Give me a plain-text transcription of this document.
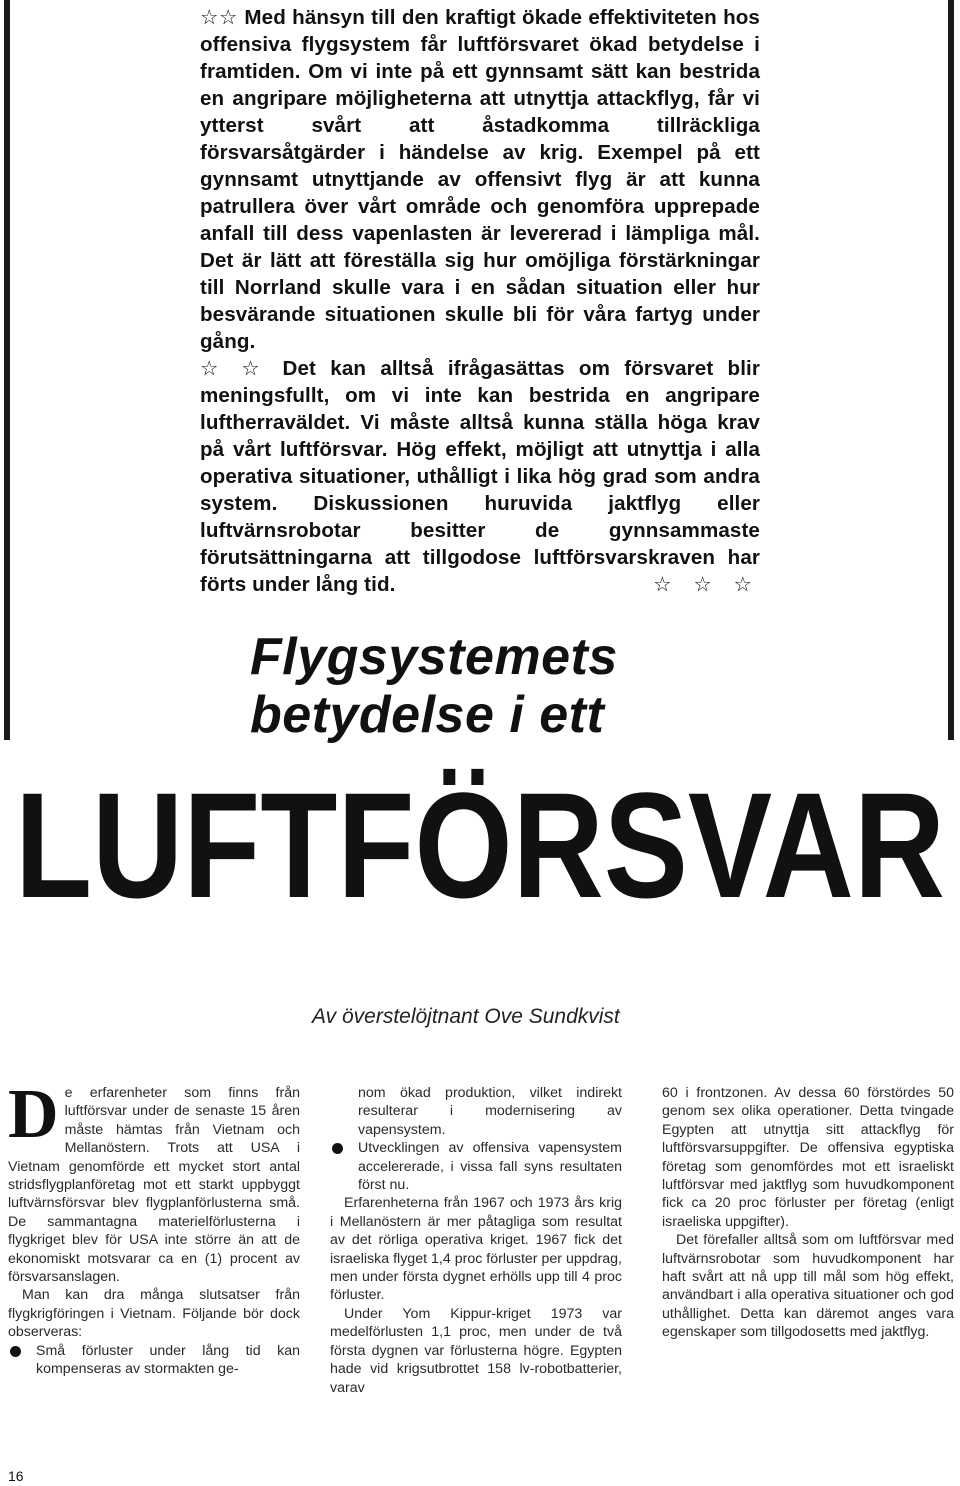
☆☆ Med hänsyn till den kraftigt ökade effektiviteten hos offensiva flygsystem får luftförsvaret ökad betydelse i framtiden. Om vi inte på ett gynnsamt sätt kan bestrida en angripare möjligheterna att utnyttja attackflyg, får vi ytterst svårt att åstadkomma tillräckliga försvarsåtgärder i händelse av krig. Exempel på ett gynnsamt utnyttjande av offensivt flyg är att kunna patrullera över vårt område och genomföra upprepade anfall till dess vapenlasten är levererad i lämpliga mål. Det är lätt att föreställa sig hur omöjliga förstärkningar till Norrland skulle vara i en sådan situation eller hur besvärande situationen skulle bli för våra fartyg under gång.

☆ ☆ Det kan alltså ifrågasättas om försvaret blir meningsfullt, om vi inte kan bestrida en angripare luftherraväldet. Vi måste alltså kunna ställa höga krav på vårt luftförsvar. Hög effekt, möjligt att utnyttja i alla operativa situationer, uthålligt i lika hög grad som andra system. Diskussionen huruvida jaktflyg eller luftvärnsrobotar besitter de gynnsammaste förutsättningarna att tillgodose luftförsvarskraven har förts under lång tid.	☆ ☆ ☆

Flygsystemets
betydelse i ett
LUFTFÖRSVAR
Av överstelöjtnant Ove Sundkvist
D e erfarenheter som finns från luftförsvar under de senaste 15 åren måste hämtas från Vietnam och Mellanöstern. Trots att USA i Vietnam genomförde ett mycket stort antal stridsflygplanföretag mot ett starkt uppbyggt luftvärnsförsvar blev flygplanförlusterna små. De sammantagna materielförlusterna i flygkriget blev för USA inte större än att de ekonomiskt motsvarar ca en (1) procent av försvarsanslagen.

Man kan dra många slutsatser från flygkrigföringen i Vietnam. Följande bör dock observeras:

Små förluster under lång tid kan kompenseras av stormakten ge-

nom ökad produktion, vilket indirekt resulterar i modernisering av vapensystem.

Utvecklingen av offensiva vapensystem accelererade, i vissa fall syns resultaten först nu.

Erfarenheterna från 1967 och 1973 års krig i Mellanöstern är mer påtagliga som resultat av det rörliga operativa kriget. 1967 fick det israeliska flyget 1,4 proc förluster per uppdrag, men under första dygnet erhölls upp till 4 proc förluster.

Under Yom Kippur-kriget 1973 var medelförlusten 1,1 proc, men under de två första dygnen var förlusterna högre. Egypten hade vid krigsutbrottet 158 lv-robotbatterier, varav

60 i frontzonen. Av dessa 60 förstördes 50 genom sex olika operationer. Detta tvingade Egypten att utnyttja sitt attackflyg för luftförsvarsuppgifter. De offensiva egyptiska företag som genomfördes mot ett israeliskt luftförsvar med jaktflyg som huvudkomponent fick ca 20 proc förluster per företag (enligt israeliska uppgifter).

Det förefaller alltså som om luftförsvar med luftvärnsrobotar som huvudkomponent har haft svårt att nå upp till mål som hög effekt, användbart i alla operativa situationer och god uthållighet. Detta kan däremot anges vara egenskaper som tillgodosetts med jaktflyg.

16
